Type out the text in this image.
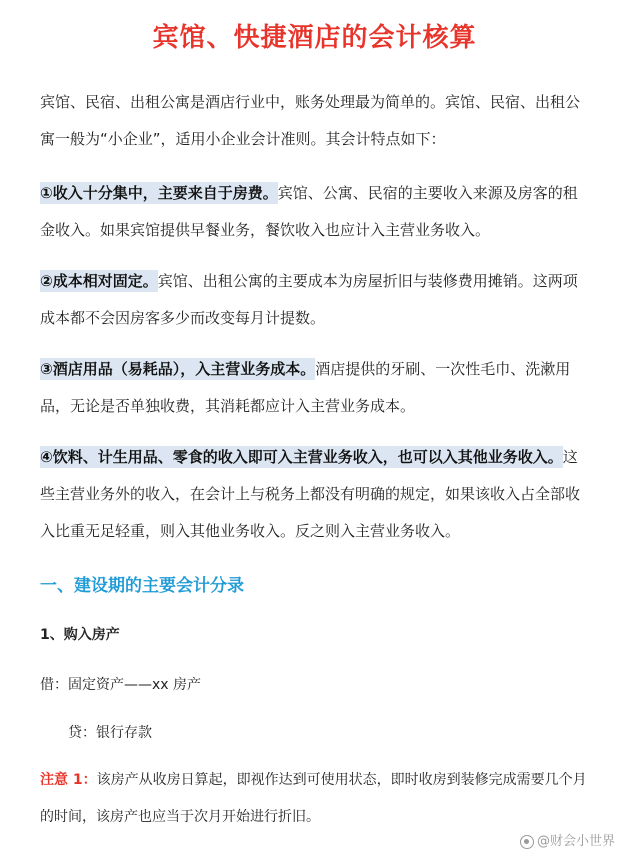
宾馆、快捷酒店的会计核算
宾馆、民宿、出租公寓是酒店行业中，账务处理最为简单的。宾馆、民宿、出租公寓一般为“小企业”，适用小企业会计准则。其会计特点如下：
①收入十分集中，主要来自于房费。宾馆、公寓、民宿的主要收入来源及房客的租金收入。如果宾馆提供早餐业务，餐饮收入也应计入主营业务收入。
②成本相对固定。宾馆、出租公寓的主要成本为房屋折旧与装修费用摊销。这两项成本都不会因房客多少而改变每月计提数。
③酒店用品（易耗品），入主营业务成本。酒店提供的牙刷、一次性毛巾、洗漱用品，无论是否单独收费，其消耗都应计入主营业务成本。
④饮料、计生用品、零食的收入即可入主营业务收入，也可以入其他业务收入。这些主营业务外的收入，在会计上与税务上都没有明确的规定，如果该收入占全部收入比重无足轻重，则入其他业务收入。反之则入主营业务收入。
一、建设期的主要会计分录
1、购入房产
借：固定资产——xx 房产
贷：银行存款
注意 1：该房产从收房日算起，即视作达到可使用状态，即时收房到装修完成需要几个月的时间，该房产也应当于次月开始进行折旧。
@财会小世界
